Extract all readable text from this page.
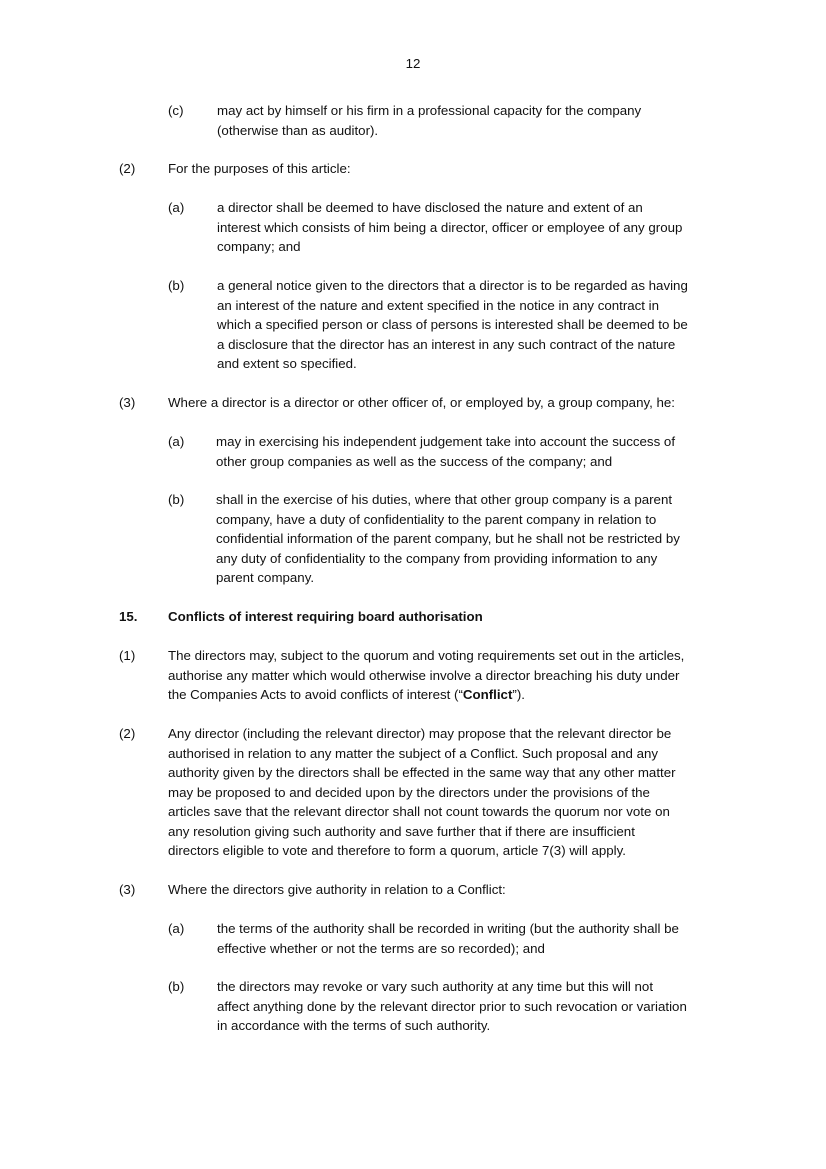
12
(c)	may act by himself or his firm in a professional capacity for the company
(otherwise than as auditor).
(2) For the purposes of this article:
(a) a director shall be deemed to have disclosed the nature and extent of an
interest which consists of him being a director, officer or employee of any group
company; and
(b) a general notice given to the directors that a director is to be regarded as having
an interest of the nature and extent specified in the notice in any contract in
which a specified person or class of persons is interested shall be deemed to be
a disclosure that the director has an interest in any such contract of the nature
and extent so specified.
(3) Where a director is a director or other officer of, or employed by, a group company, he:
(a) may in exercising his independent judgement take into account the success of
other group companies as well as the success of the company; and
(b) shall in the exercise of his duties, where that other group company is a parent
company, have a duty of confidentiality to the parent company in relation to
confidential information of the parent company, but he shall not be restricted by
any duty of confidentiality to the company from providing information to any
parent company.
15. Conflicts of interest requiring board authorisation
(1) The directors may, subject to the quorum and voting requirements set out in the articles,
authorise any matter which would otherwise involve a director breaching his duty under
the Companies Acts to avoid conflicts of interest (“Conflict”).
(2) Any director (including the relevant director) may propose that the relevant director be
authorised in relation to any matter the subject of a Conflict. Such proposal and any
authority given by the directors shall be effected in the same way that any other matter
may be proposed to and decided upon by the directors under the provisions of the
articles save that the relevant director shall not count towards the quorum nor vote on
any resolution giving such authority and save further that if there are insufficient
directors eligible to vote and therefore to form a quorum, article 7(3) will apply.
(3) Where the directors give authority in relation to a Conflict:
(a) the terms of the authority shall be recorded in writing (but the authority shall be
effective whether or not the terms are so recorded); and
(b) the directors may revoke or vary such authority at any time but this will not
affect anything done by the relevant director prior to such revocation or variation
in accordance with the terms of such authority.
